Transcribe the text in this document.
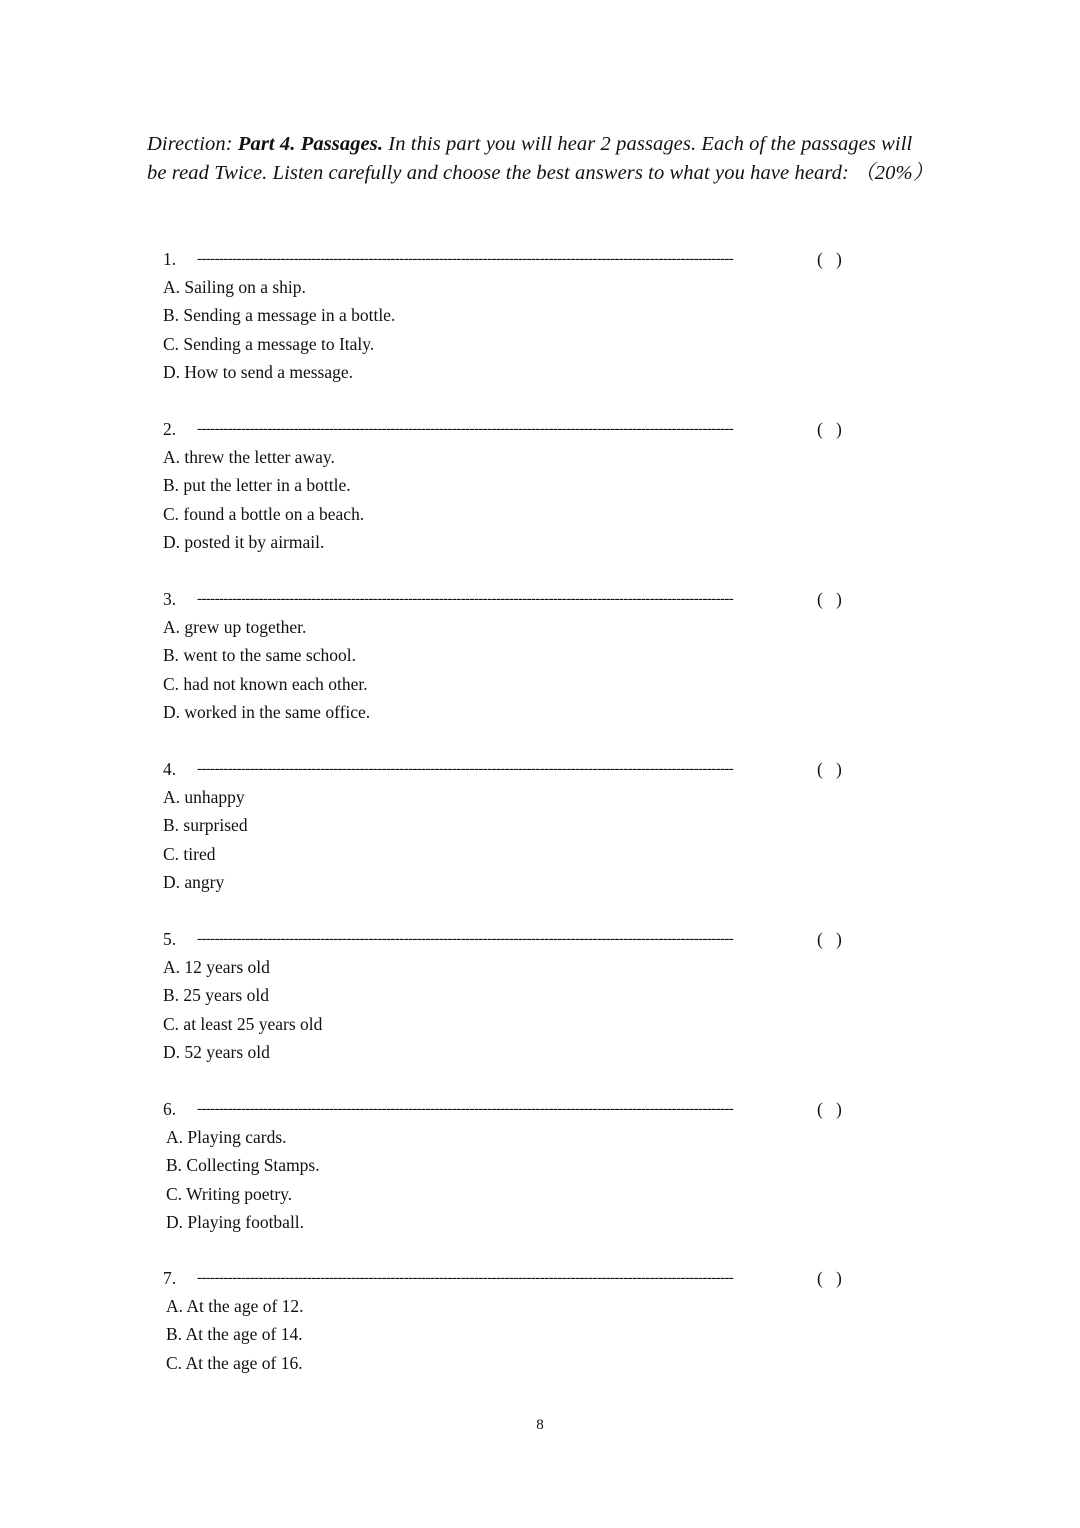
Direction: Part 4. Passages. In this part you will hear 2 passages. Each of the passages will be read Twice. Listen carefully and choose the best answers to what you have heard: （20%）
1. --------------------------------------------------------------------------------------------------------------------------	(   )
A. Sailing on a ship.
B. Sending a message in a bottle.
C. Sending a message to Italy.
D. How to send a message.
2. --------------------------------------------------------------------------------------------------------------------------	(   )
A. threw the letter away.
B. put the letter in a bottle.
C. found a bottle on a beach.
D. posted it by airmail.
3. --------------------------------------------------------------------------------------------------------------------------	(   )
A. grew up together.
B. went to the same school.
C. had not known each other.
D. worked in the same office.
4. --------------------------------------------------------------------------------------------------------------------------	(   )
A. unhappy
B. surprised
C. tired
D. angry
5. --------------------------------------------------------------------------------------------------------------------------	(   )
A. 12 years old
B. 25 years old
C. at least 25 years old
D. 52 years old
6. --------------------------------------------------------------------------------------------------------------------------	(   )
A. Playing cards.
B. Collecting Stamps.
C. Writing poetry.
D. Playing football.
7. --------------------------------------------------------------------------------------------------------------------------	(   )
A. At the age of 12.
B. At the age of 14.
C. At the age of 16.
8
